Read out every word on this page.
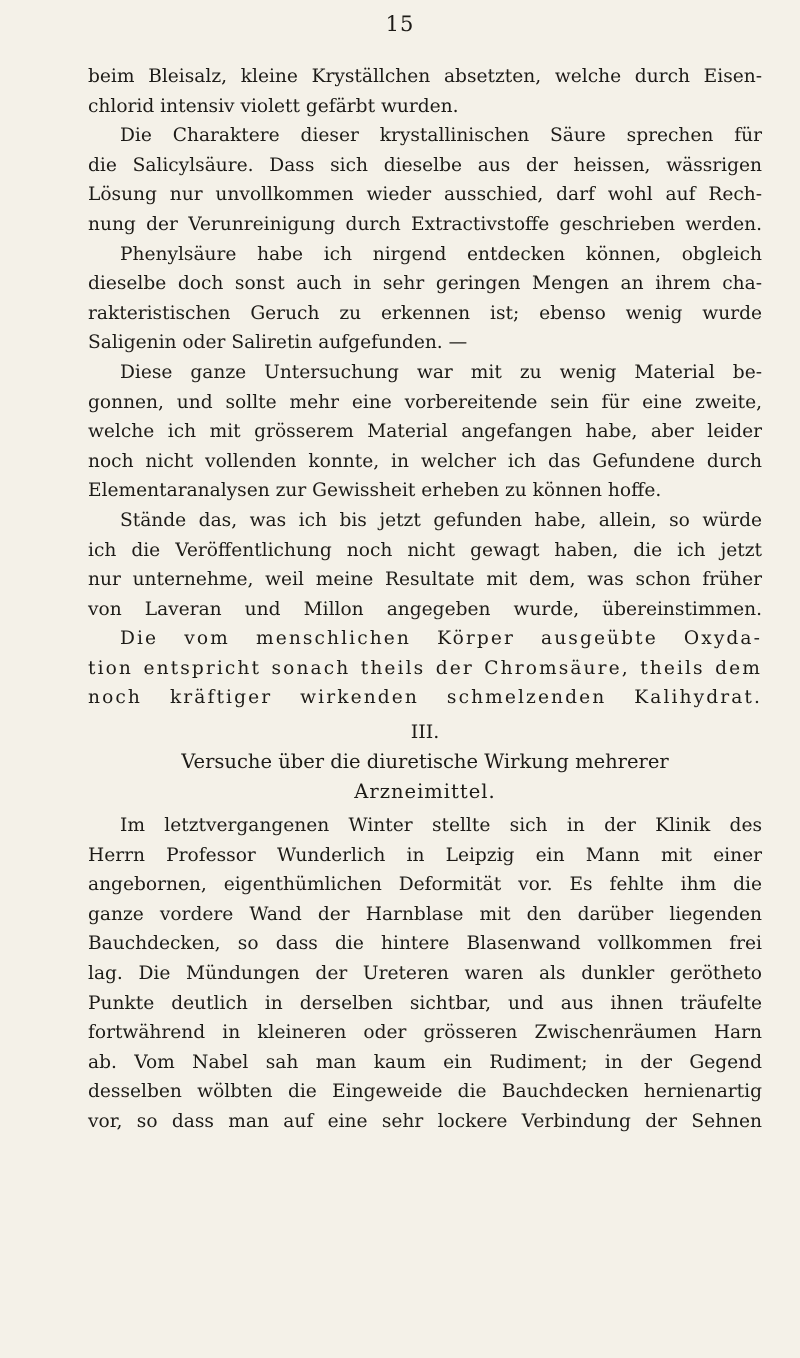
15
beim Bleisalz, kleine Kryställchen absetzten, welche durch Eisen-
chlorid intensiv violett gefärbt wurden.
Die Charaktere dieser krystallinischen Säure sprechen für
die Salicylsäure. Dass sich dieselbe aus der heissen, wässrigen
Lösung nur unvollkommen wieder ausschied, darf wohl auf Rech-
nung der Verunreinigung durch Extractivstoffe geschrieben werden.
Phenylsäure habe ich nirgend entdecken können, obgleich
dieselbe doch sonst auch in sehr geringen Mengen an ihrem cha-
rakteristischen Geruch zu erkennen ist; ebenso wenig wurde
Saligenin oder Saliretin aufgefunden. —
Diese ganze Untersuchung war mit zu wenig Material be-
gonnen, und sollte mehr eine vorbereitende sein für eine zweite,
welche ich mit grösserem Material angefangen habe, aber leider
noch nicht vollenden konnte, in welcher ich das Gefundene durch
Elementaranalysen zur Gewissheit erheben zu können hoffe.
Stände das, was ich bis jetzt gefunden habe, allein, so würde
ich die Veröffentlichung noch nicht gewagt haben, die ich jetzt
nur unternehme, weil meine Resultate mit dem, was schon früher
von Laveran und Millon angegeben wurde, übereinstimmen.
Die vom menschlichen Körper ausgeübte Oxyda-
tion entspricht sonach theils der Chromsäure, theils dem
noch kräftiger wirkenden schmelzenden Kalihydrat.
III.
Versuche über die diuretische Wirkung mehrerer
Arzneimittel.
Im letztvergangenen Winter stellte sich in der Klinik des
Herrn Professor Wunderlich in Leipzig ein Mann mit einer
angebornen, eigenthümlichen Deformität vor. Es fehlte ihm die
ganze vordere Wand der Harnblase mit den darüber liegenden
Bauchdecken, so dass die hintere Blasenwand vollkommen frei
lag. Die Mündungen der Ureteren waren als dunkler gerötheto
Punkte deutlich in derselben sichtbar, und aus ihnen träufelte
fortwährend in kleineren oder grösseren Zwischenräumen Harn
ab. Vom Nabel sah man kaum ein Rudiment; in der Gegend
desselben wölbten die Eingeweide die Bauchdecken hernienartig
vor, so dass man auf eine sehr lockere Verbindung der Sehnen
